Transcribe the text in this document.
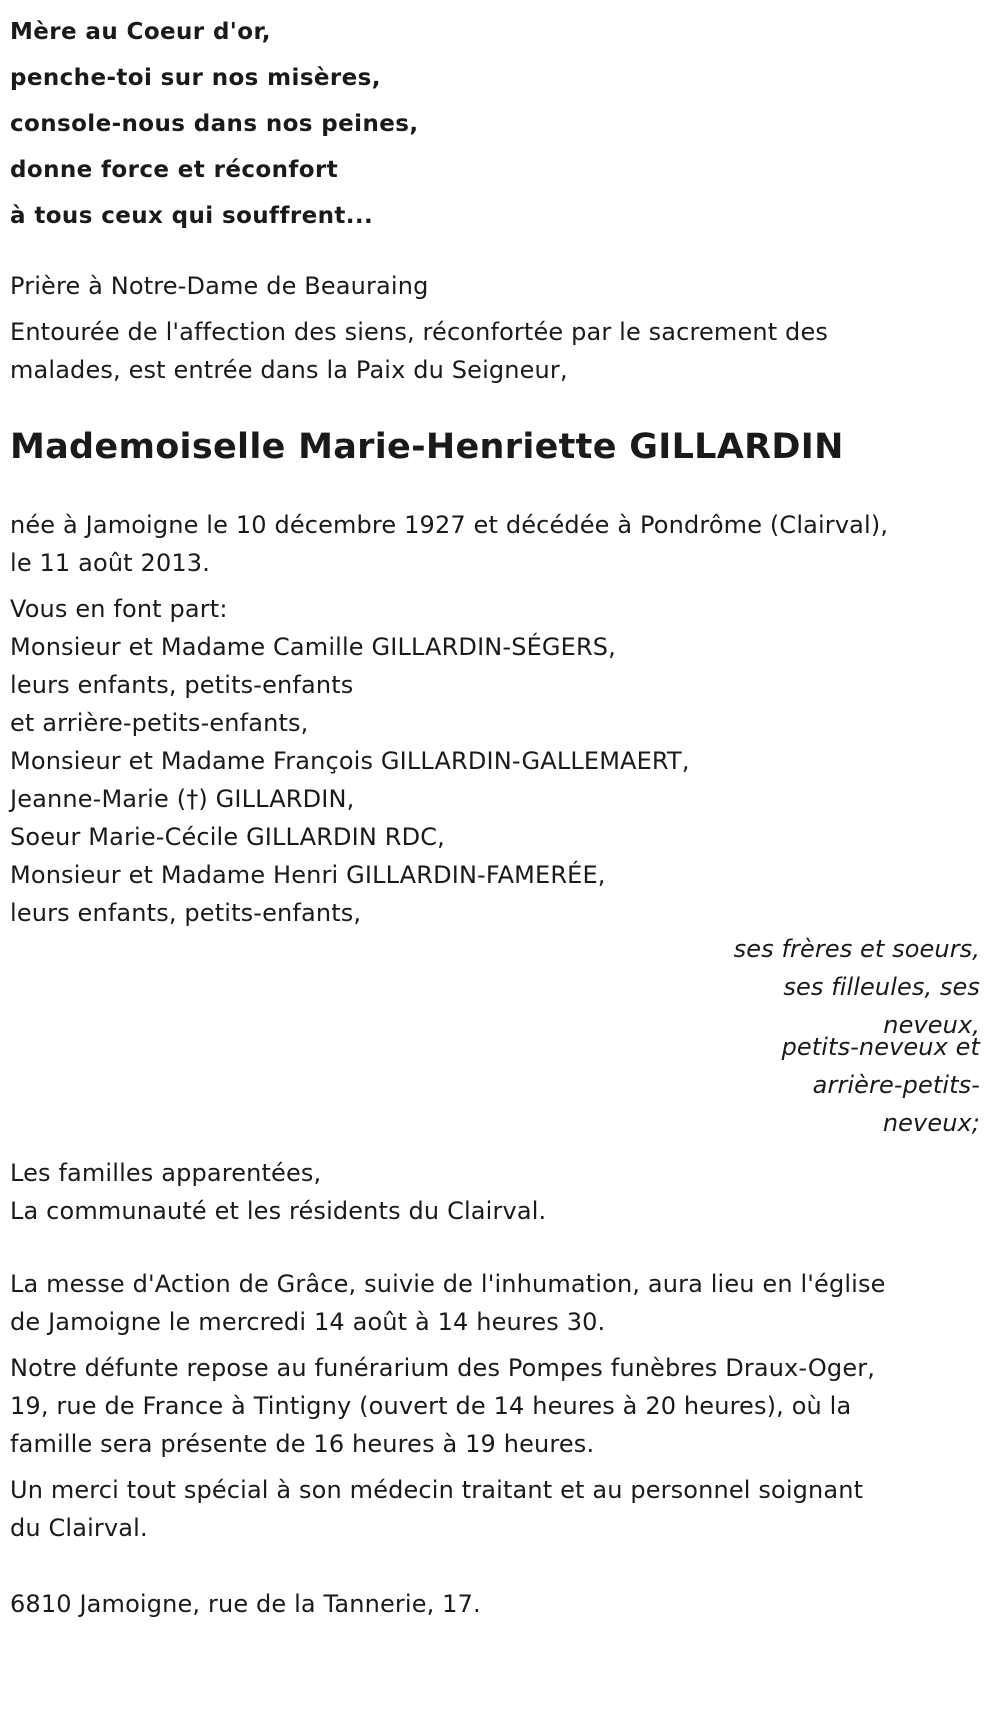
Mère au Coeur d'or,
penche-toi sur nos misères,
console-nous dans nos peines,
donne force et réconfort
à tous ceux qui souffrent...

Prière à Notre-Dame de Beauraing

Entourée de l'affection des siens, réconfortée par le sacrement des
malades, est entrée dans la Paix du Seigneur,

Mademoiselle Marie-Henriette GILLARDIN

née à Jamoigne le 10 décembre 1927 et décédée à Pondrôme (Clairval),
le 11 août 2013.

Vous en font part:
Monsieur et Madame Camille GILLARDIN-SÉGERS,
leurs enfants, petits-enfants
et arrière-petits-enfants,
Monsieur et Madame François GILLARDIN-GALLEMAERT,
Jeanne-Marie (†) GILLARDIN,
Soeur Marie-Cécile GILLARDIN RDC,
Monsieur et Madame Henri GILLARDIN-FAMERÉE,
leurs enfants, petits-enfants,

ses frères et soeurs,
ses filleules, ses
neveux,
petits-neveux et
arrière-petits-
neveux;

Les familles apparentées,
La communauté et les résidents du Clairval.

La messe d'Action de Grâce, suivie de l'inhumation, aura lieu en l'église
de Jamoigne le mercredi 14 août à 14 heures 30.

Notre défunte repose au funérarium des Pompes funèbres Draux-Oger,
19, rue de France à Tintigny (ouvert de 14 heures à 20 heures), où la
famille sera présente de 16 heures à 19 heures.

Un merci tout spécial à son médecin traitant et au personnel soignant
du Clairval.

6810 Jamoigne, rue de la Tannerie, 17.
